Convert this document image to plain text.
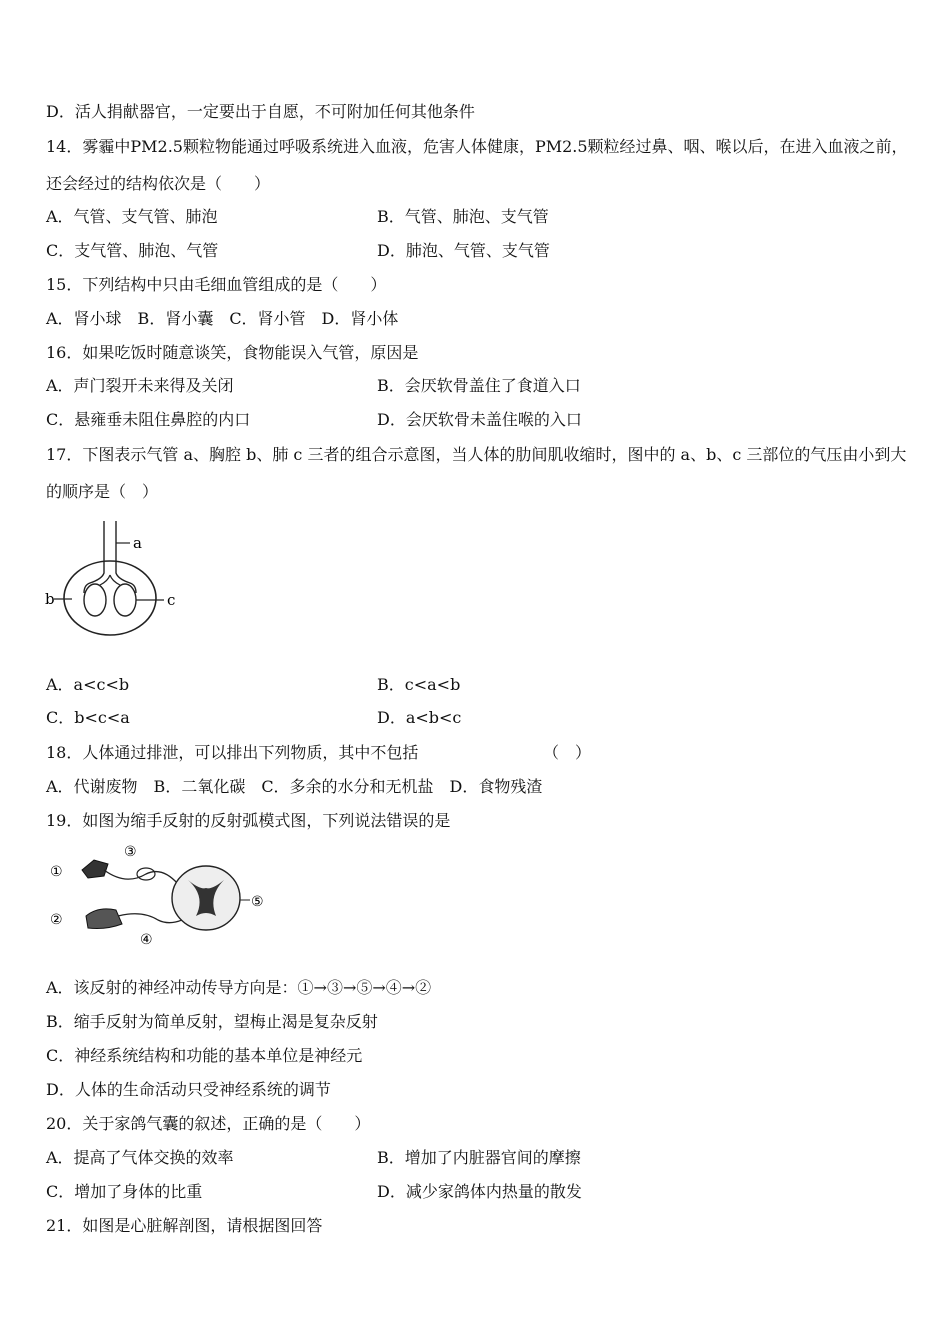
D．活人捐献器官，一定要出于自愿，不可附加任何其他条件
14．雾霾中PM2.5颗粒物能通过呼吸系统进入血液，危害人体健康，PM2.5颗粒经过鼻、咽、喉以后，在进入血液之前，
还会经过的结构依次是（　　）
A．气管、支气管、肺泡	B．气管、肺泡、支气管
C．支气管、肺泡、气管	D．肺泡、气管、支气管
15．下列结构中只由毛细血管组成的是（　　）
A．肾小球　B．肾小囊　C．肾小管　D．肾小体
16．如果吃饭时随意谈笑，食物能误入气管，原因是
A．声门裂开未来得及关闭	B．会厌软骨盖住了食道入口
C．悬雍垂未阻住鼻腔的内口	D．会厌软骨未盖住喉的入口
17．下图表示气管 a、胸腔 b、肺 c 三者的组合示意图，当人体的肋间肌收缩时，图中的 a、b、c 三部位的气压由小到大
的顺序是（　）
a
b	c
A．a<c<b	B．c<a<b
C．b<c<a	D．a<b<c
18．人体通过排泄，可以排出下列物质，其中不包括	（　）
A．代谢废物　B．二氧化碳　C．多余的水分和无机盐　D．食物残渣
19．如图为缩手反射的反射弧模式图，下列说法错误的是
①
②
③
④
⑤
A．该反射的神经冲动传导方向是：①→③→⑤→④→②
B．缩手反射为简单反射，望梅止渴是复杂反射
C．神经系统结构和功能的基本单位是神经元
D．人体的生命活动只受神经系统的调节
20．关于家鸽气囊的叙述，正确的是（　　）
A．提高了气体交换的效率	B．增加了内脏器官间的摩擦
C．增加了身体的比重	D．减少家鸽体内热量的散发
21．如图是心脏解剖图，请根据图回答
